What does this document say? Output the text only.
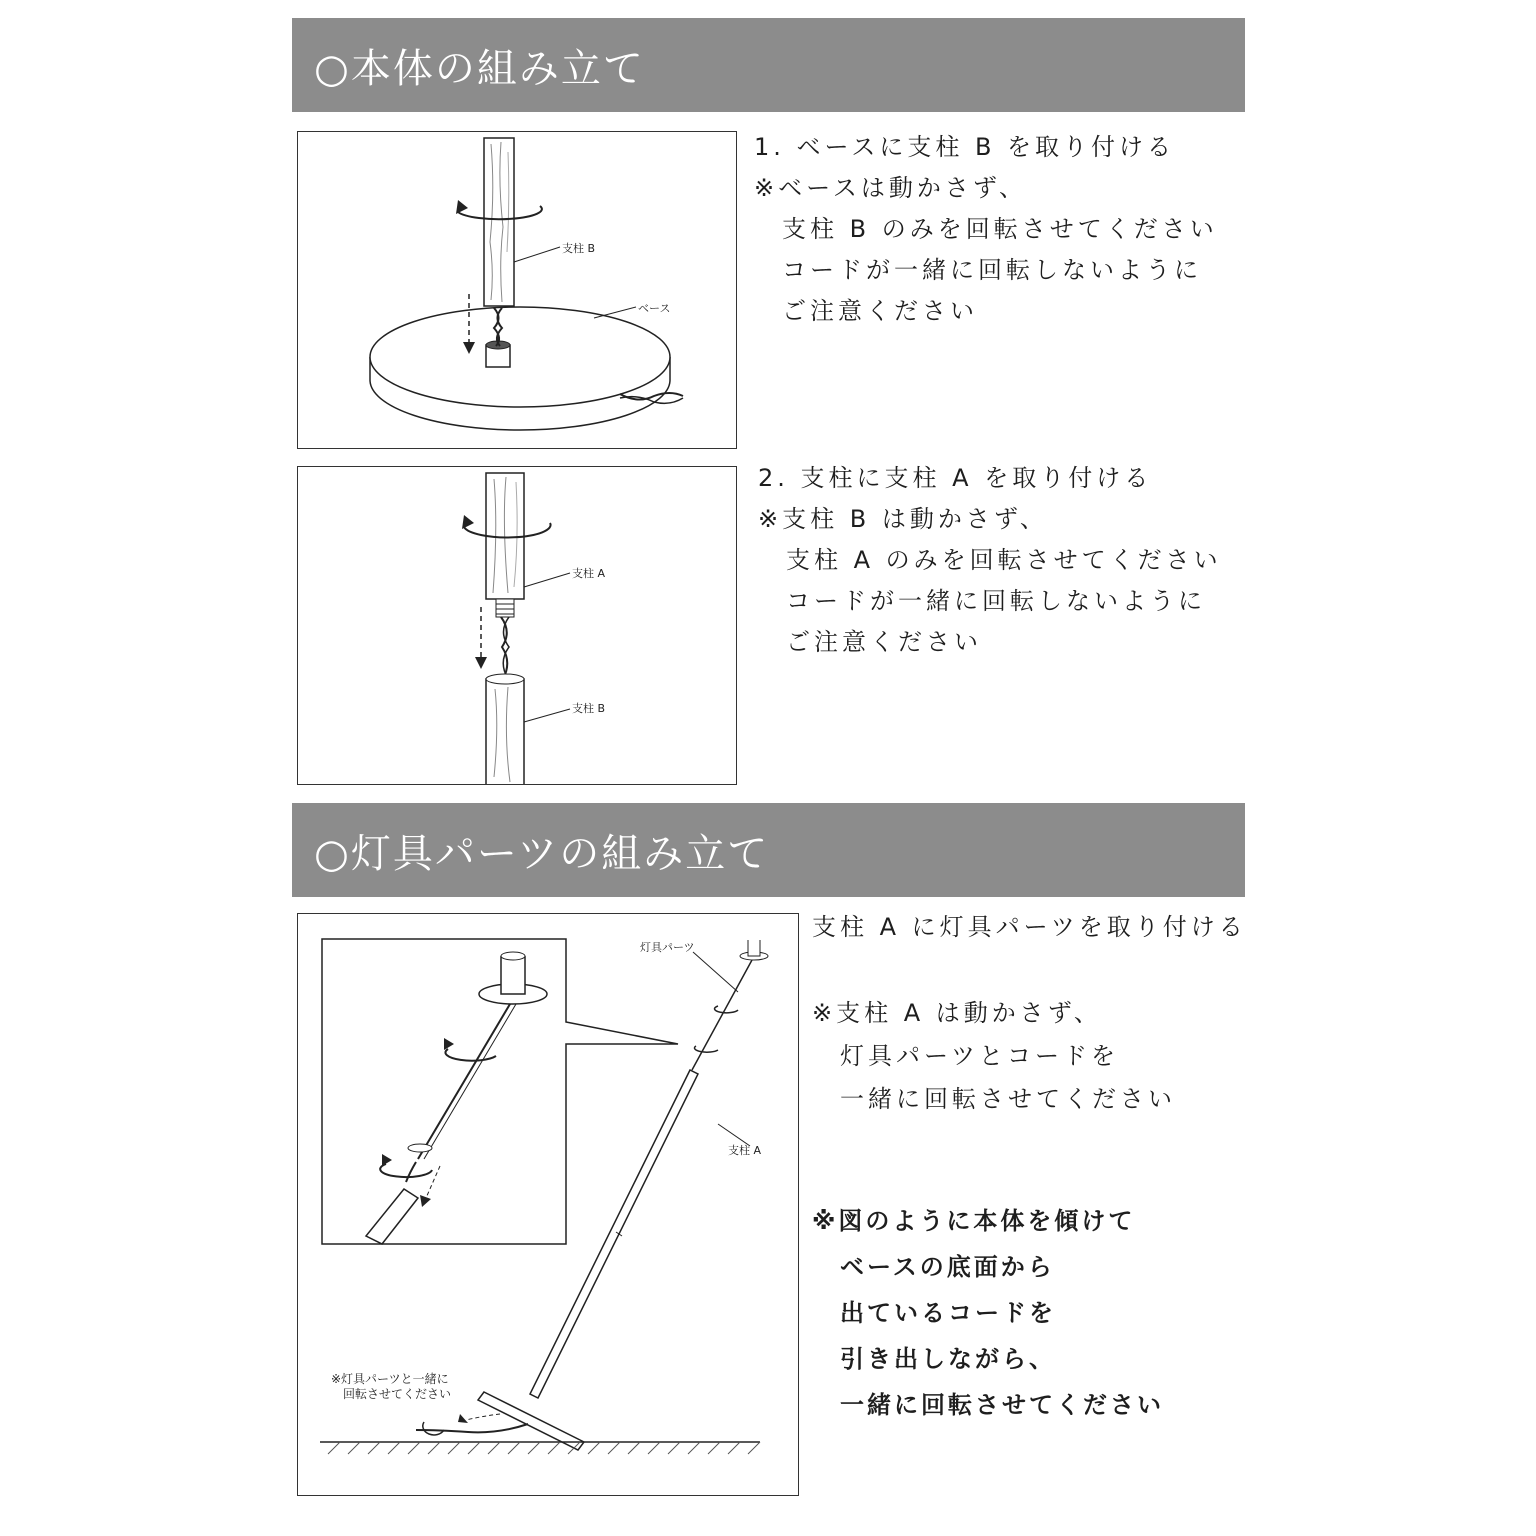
○本体の組み立て
支柱 B
ベース
1. ベースに支柱 B を取り付ける
※ベースは動かさず、
支柱 B のみを回転させてください
コードが一緒に回転しないように
ご注意ください
支柱 A
支柱 B
2. 支柱に支柱 A を取り付ける
※支柱 B は動かさず、
支柱 A のみを回転させてください
コードが一緒に回転しないように
ご注意ください
○灯具パーツの組み立て
灯具パーツ
支柱 A
※灯具パーツと一緒に
回転させてください
支柱 A に灯具パーツを取り付ける
※支柱 A は動かさず、
灯具パーツとコードを
一緒に回転させてください
※図のように本体を傾けて
ベースの底面から
出ているコードを
引き出しながら、
一緒に回転させてください
